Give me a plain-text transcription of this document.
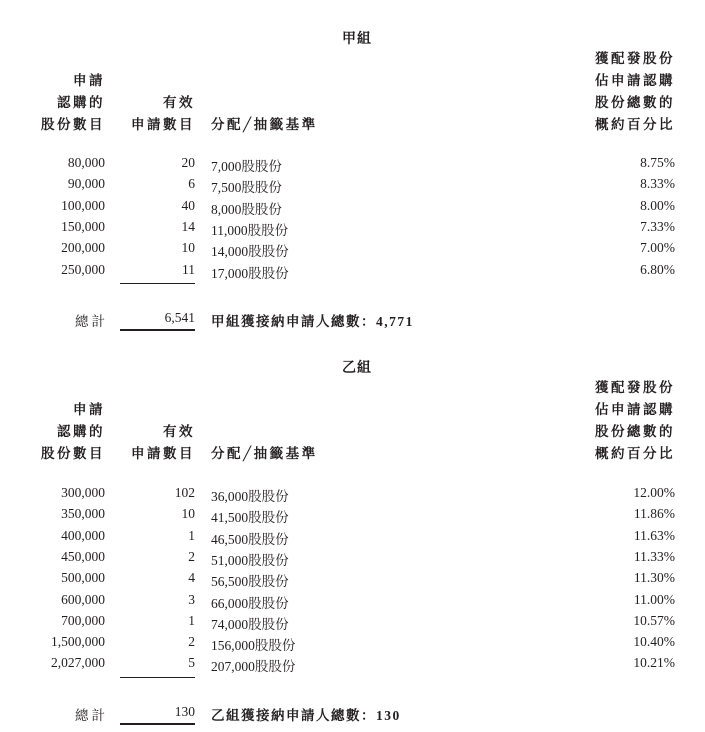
甲組
申請
認購的
股份數目
有效
申請數目 分配╱抽籤基準
獲配發股份
佔申請認購
股份總數的
概約百分比
80,000	20 7,000股股份	8.75%
90,000	6 7,500股股份	8.33%
100,000	40 8,000股股份	8.00%
150,000	14 11,000股股份	7.33%
200,000	10 14,000股股份	7.00%
250,000	11 17,000股股份	6.80%
總計	6,541 甲組獲接納申請人總數：4,771
乙組
申請
認購的
股份數目
有效
申請數目 分配╱抽籤基準
獲配發股份
佔申請認購
股份總數的
概約百分比
300,000	102 36,000股股份	12.00%
350,000	10 41,500股股份	11.86%
400,000	1 46,500股股份	11.63%
450,000	2 51,000股股份	11.33%
500,000	4 56,500股股份	11.30%
600,000	3 66,000股股份	11.00%
700,000	1 74,000股股份	10.57%
1,500,000	2 156,000股股份	10.40%
2,027,000	5 207,000股股份	10.21%
總計	130 乙組獲接納申請人總數：130
